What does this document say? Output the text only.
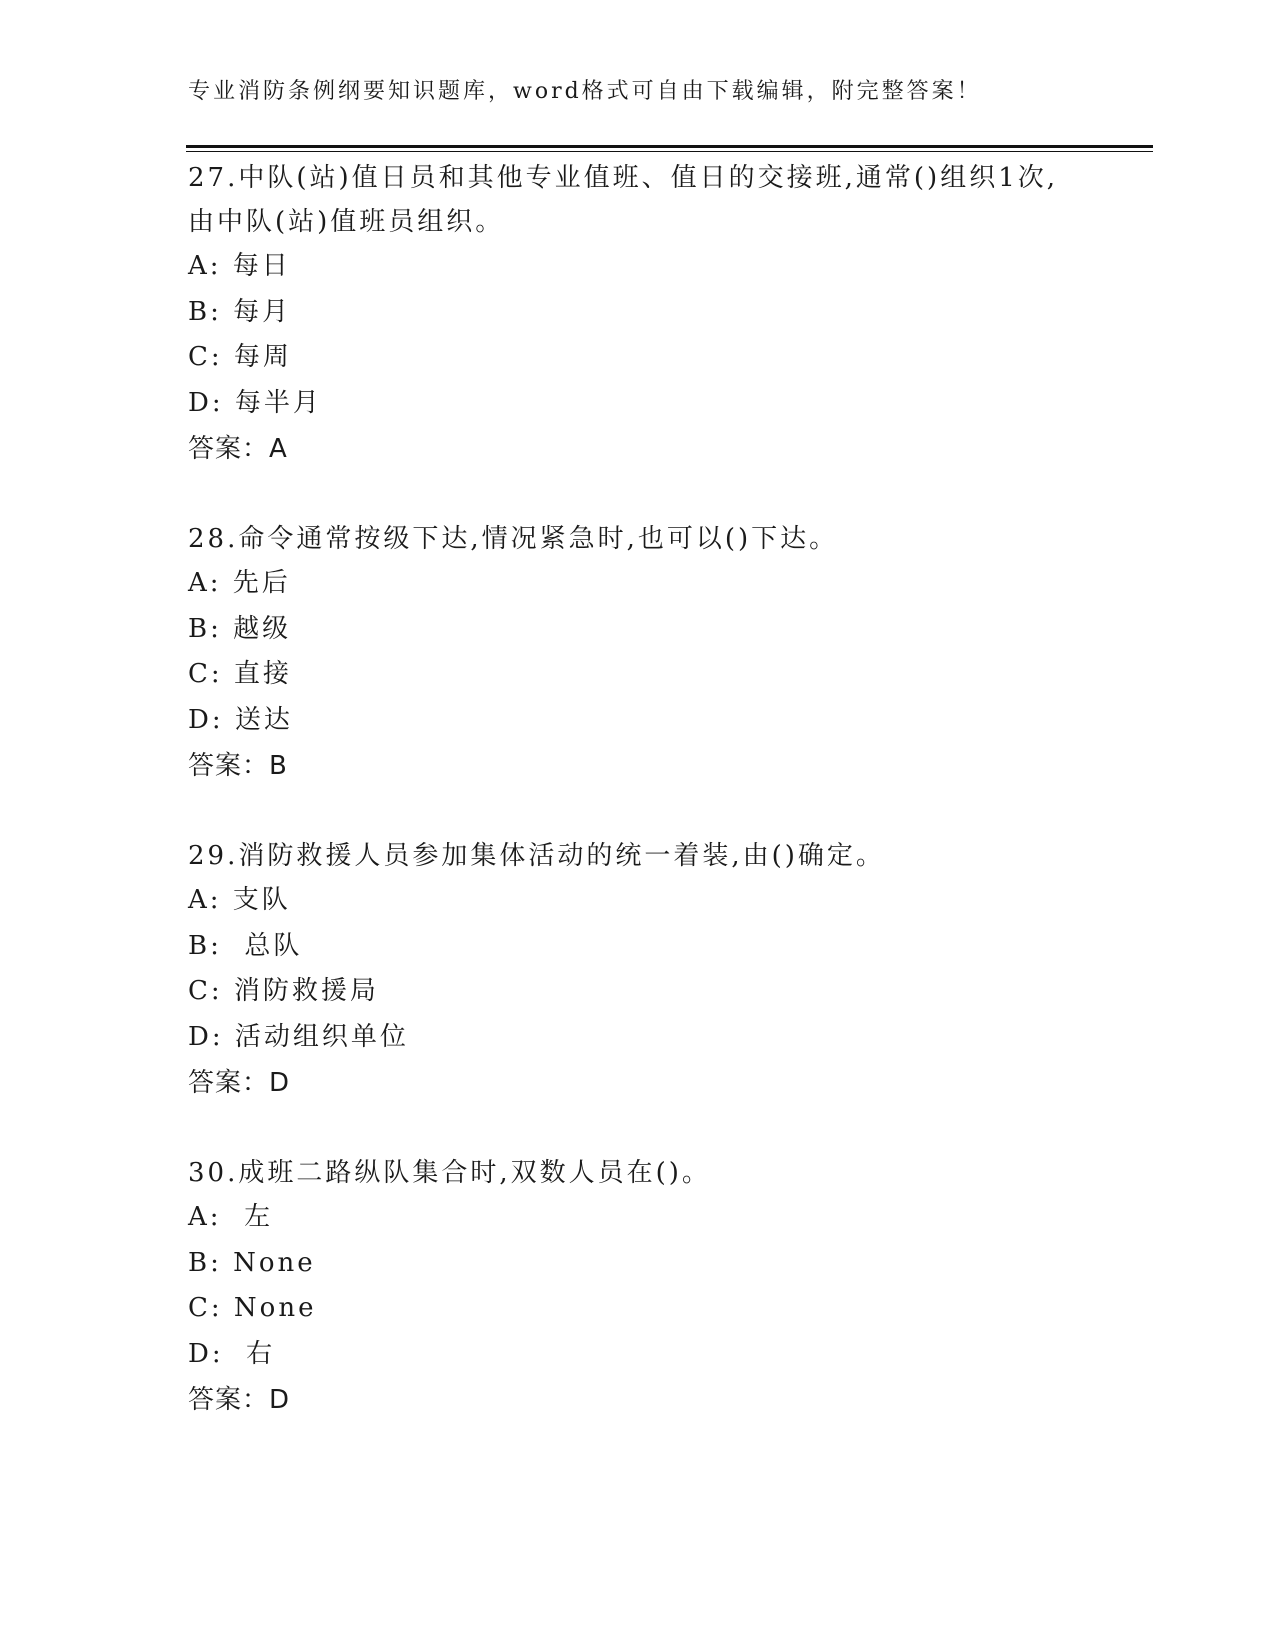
专业消防条例纲要知识题库，word格式可自由下载编辑，附完整答案！
27.中队(站)值日员和其他专业值班、值日的交接班,通常()组织1次,
由中队(站)值班员组织。
A: 每日
B: 每月
C: 每周
D: 每半月
答案：A
28.命令通常按级下达,情况紧急时,也可以()下达。
A: 先后
B: 越级
C: 直接
D: 送达
答案：B
29.消防救援人员参加集体活动的统一着装,由()确定。
A: 支队
B:  总队
C: 消防救援局
D: 活动组织单位
答案：D
30.成班二路纵队集合时,双数人员在()。
A:  左
B: None
C: None
D:  右
答案：D
